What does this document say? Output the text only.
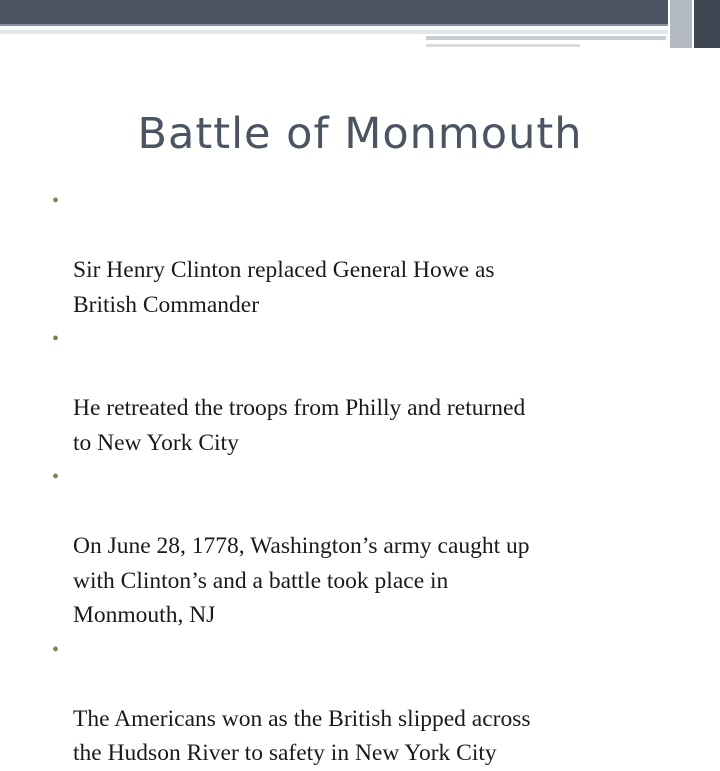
Battle of Monmouth

•

Sir Henry Clinton replaced General Howe as
British Commander

•

He retreated the troops from Philly and returned
to New York City

•

On June 28, 1778, Washington’s army caught up
with Clinton’s and a battle took place in
Monmouth, NJ

•

The Americans won as the British slipped across
the Hudson River to safety in New York City
